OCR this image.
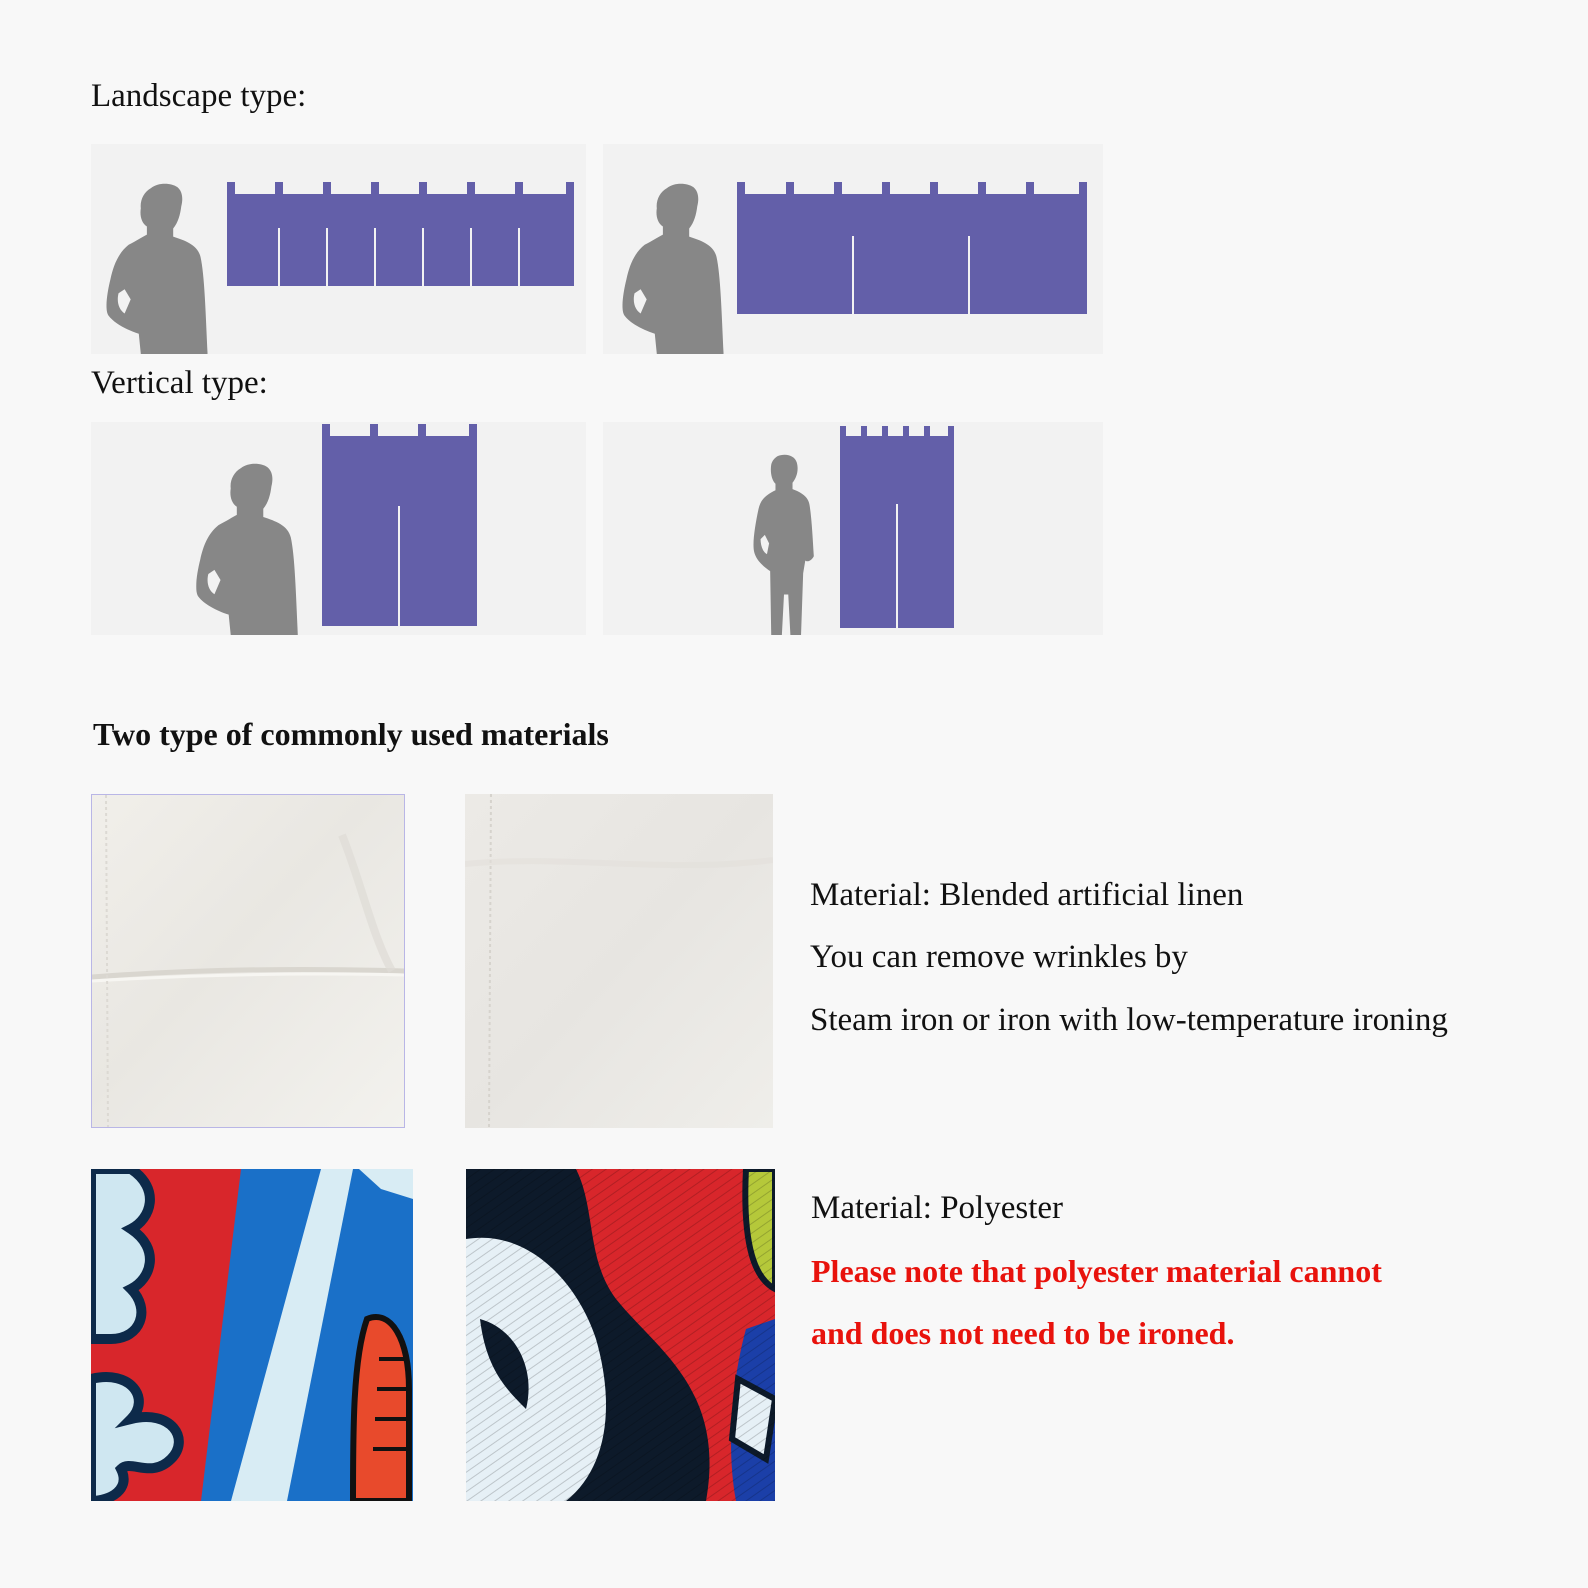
Landscape type:
Vertical type:
Two type of commonly used materials
Material: Blended artificial linen
You can remove wrinkles by
Steam iron or iron with low-temperature ironing
Material: Polyester
Please note that polyester material cannot
and does not need to be ironed.
